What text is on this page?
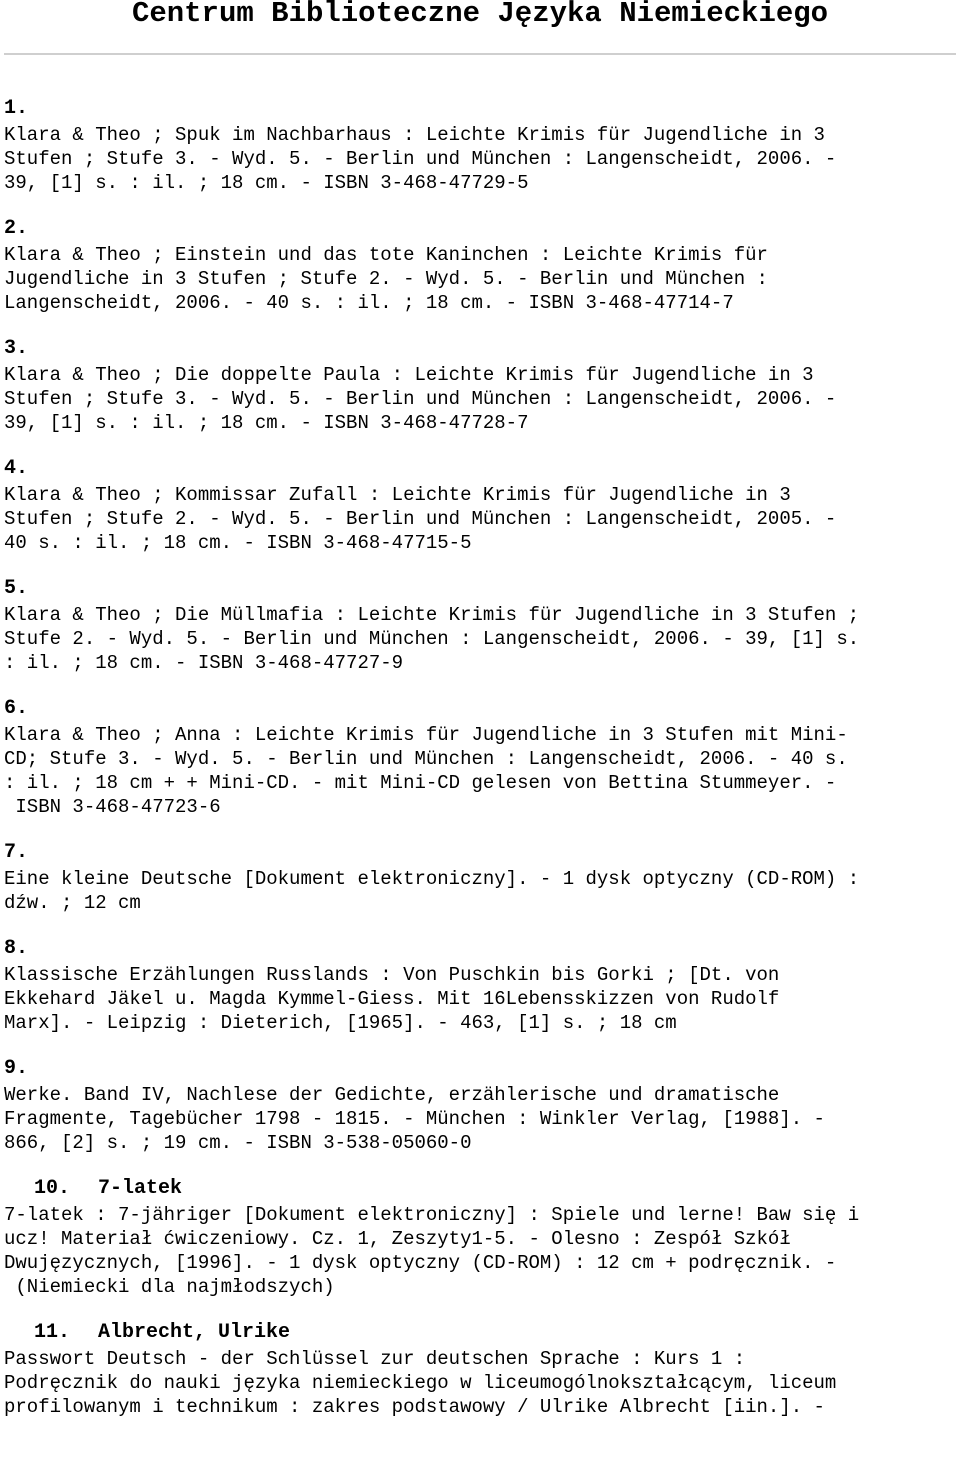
Centrum Biblioteczne Języka Niemieckiego
1.
Klara & Theo ; Spuk im Nachbarhaus : Leichte Krimis für Jugendliche in 3
Stufen ; Stufe 3. - Wyd. 5. - Berlin und München : Langenscheidt, 2006. -
39, [1] s. : il. ; 18 cm. - ISBN 3-468-47729-5
2.
Klara & Theo ; Einstein und das tote Kaninchen : Leichte Krimis für
Jugendliche in 3 Stufen ; Stufe 2. - Wyd. 5. - Berlin und München :
Langenscheidt, 2006. - 40 s. : il. ; 18 cm. - ISBN 3-468-47714-7
3.
Klara & Theo ; Die doppelte Paula : Leichte Krimis für Jugendliche in 3
Stufen ; Stufe 3. - Wyd. 5. - Berlin und München : Langenscheidt, 2006. -
39, [1] s. : il. ; 18 cm. - ISBN 3-468-47728-7
4.
Klara & Theo ; Kommissar Zufall : Leichte Krimis für Jugendliche in 3
Stufen ; Stufe 2. - Wyd. 5. - Berlin und München : Langenscheidt, 2005. -
40 s. : il. ; 18 cm. - ISBN 3-468-47715-5
5.
Klara & Theo ; Die Müllmafia : Leichte Krimis für Jugendliche in 3 Stufen ;
Stufe 2. - Wyd. 5. - Berlin und München : Langenscheidt, 2006. - 39, [1] s.
: il. ; 18 cm. - ISBN 3-468-47727-9
6.
Klara & Theo ; Anna : Leichte Krimis für Jugendliche in 3 Stufen mit Mini-
CD; Stufe 3. - Wyd. 5. - Berlin und München : Langenscheidt, 2006. - 40 s.
: il. ; 18 cm + + Mini-CD. - mit Mini-CD gelesen von Bettina Stummeyer. -
ISBN 3-468-47723-6
7.
Eine kleine Deutsche [Dokument elektroniczny]. - 1 dysk optyczny (CD-ROM) :
dźw. ; 12 cm
8.
Klassische Erzählungen Russlands : Von Puschkin bis Gorki ; [Dt. von
Ekkehard Jäkel u. Magda Kymmel-Giess. Mit 16Lebensskizzen von Rudolf
Marx]. - Leipzig : Dieterich, [1965]. - 463, [1] s. ; 18 cm
9.
Werke. Band IV, Nachlese der Gedichte, erzählerische und dramatische
Fragmente, Tagebücher 1798 - 1815. - München : Winkler Verlag, [1988]. -
866, [2] s. ; 19 cm. - ISBN 3-538-05060-0
10. 7-latek
7-latek : 7-jähriger [Dokument elektroniczny] : Spiele und lerne! Baw się i
ucz! Materiał ćwiczeniowy. Cz. 1, Zeszyty1-5. - Olesno : Zespół Szkół
Dwujęzycznych, [1996]. - 1 dysk optyczny (CD-ROM) : 12 cm + podręcznik. -
(Niemiecki dla najmłodszych)
11. Albrecht, Ulrike
Passwort Deutsch - der Schlüssel zur deutschen Sprache : Kurs 1 :
Podręcznik do nauki języka niemieckiego w liceumogólnokształcącym, liceum
profilowanym i technikum : zakres podstawowy / Ulrike Albrecht [iin.]. -
